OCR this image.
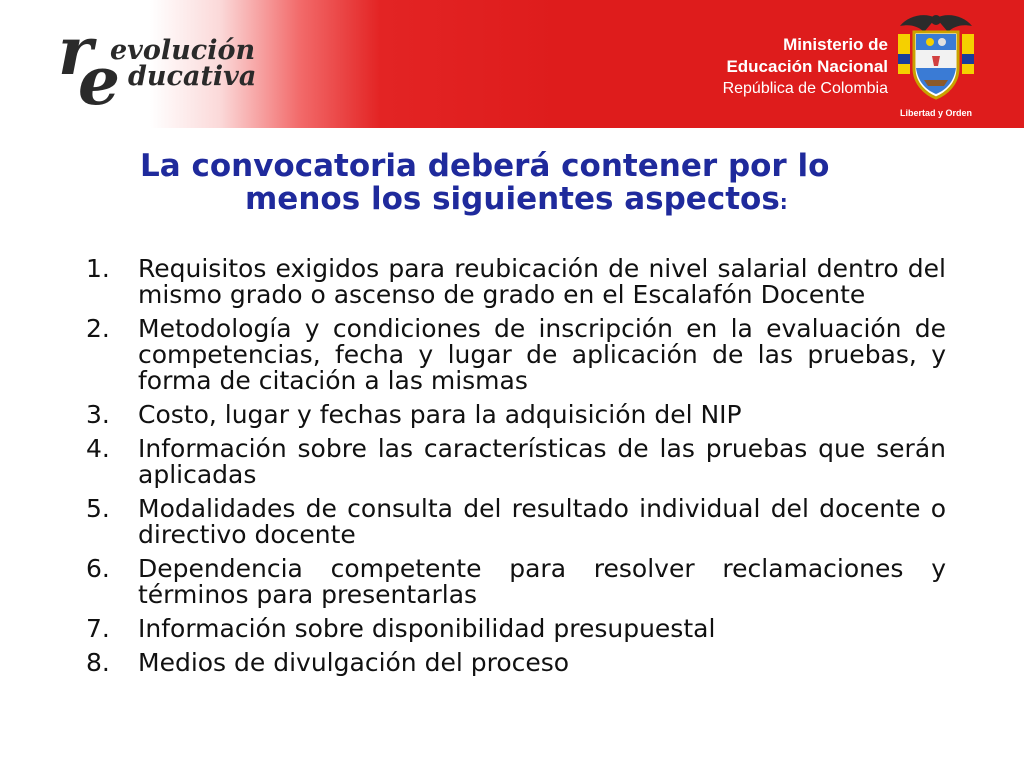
r
e
evolución
ducativa
Ministerio de
Educación Nacional
República de Colombia
Libertad y Orden
La convocatoria deberá contener por lo
menos los siguientes aspectos:
1.	Requisitos exigidos para reubicación de nivel salarial dentro del mismo grado o ascenso de grado en el Escalafón Docente
2.	Metodología y condiciones de inscripción en la evaluación de competencias, fecha y lugar de aplicación de las pruebas, y forma de citación a las mismas
3.	Costo, lugar y fechas para la adquisición del NIP
4.	Información sobre las características de las pruebas que serán aplicadas
5.	Modalidades de consulta del resultado individual del docente o directivo docente
6.	Dependencia competente para resolver reclamaciones y términos para presentarlas
7.	Información sobre disponibilidad presupuestal
8.	Medios de divulgación del proceso
